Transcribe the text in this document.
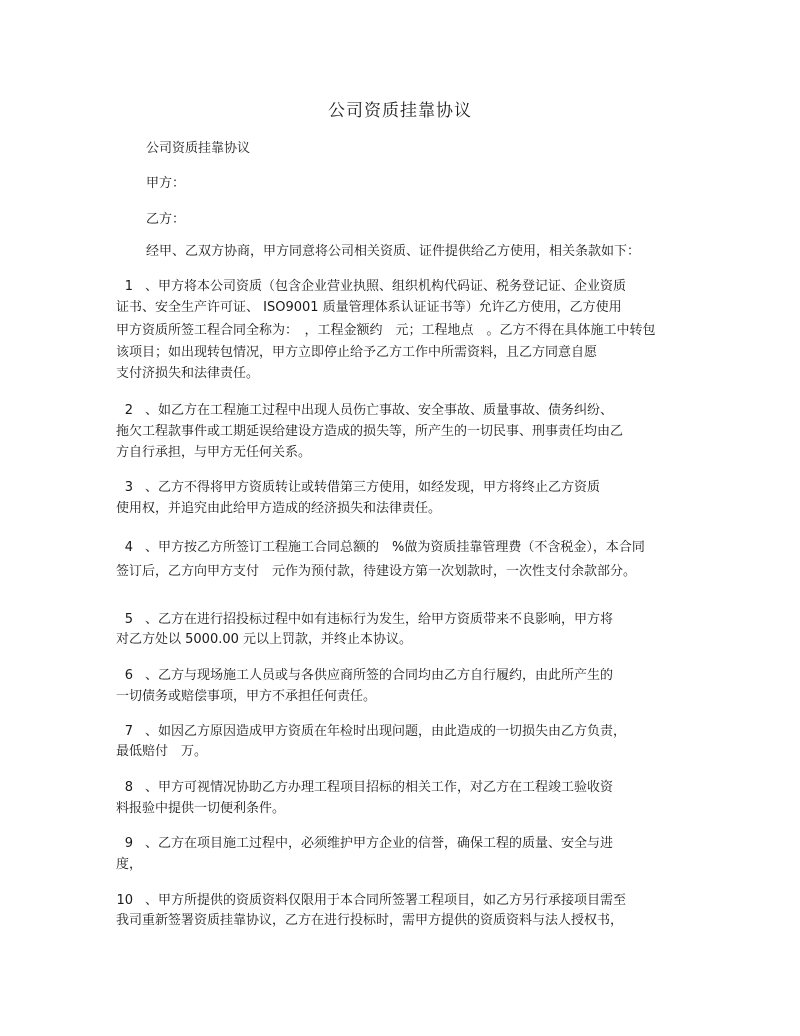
公司资质挂靠协议
公司资质挂靠协议
甲方：
乙方：
经甲、乙双方协商，甲方同意将公司相关资质、证件提供给乙方使用，相关条款如下：
1 、甲方将本公司资质（包含企业营业执照、组织机构代码证、税务登记证、企业资质
证书、安全生产许可证、 ISO9001 质量管理体系认证证书等）允许乙方使用，乙方使用
甲方资质所签工程合同全称为：　，工程金额约　元；工程地点　。乙方不得在具体施工中转包
该项目；如出现转包情况，甲方立即停止给予乙方工作中所需资料，且乙方同意自愿
支付济损失和法律责任。
2 、如乙方在工程施工过程中出现人员伤亡事故、安全事故、质量事故、债务纠纷、
拖欠工程款事件或工期延误给建设方造成的损失等，所产生的一切民事、刑事责任均由乙
方自行承担，与甲方无任何关系。
3 、乙方不得将甲方资质转让或转借第三方使用，如经发现，甲方将终止乙方资质
使用权，并追究由此给甲方造成的经济损失和法律责任。
4 、甲方按乙方所签订工程施工合同总额的　%做为资质挂靠管理费（不含税金），本合同
签订后，乙方向甲方支付　元作为预付款，待建设方第一次划款时，一次性支付余款部分。
5 、乙方在进行招投标过程中如有违标行为发生，给甲方资质带来不良影响，甲方将
对乙方处以 5000.00 元以上罚款，并终止本协议。
6 、乙方与现场施工人员或与各供应商所签的合同均由乙方自行履约，由此所产生的
一切债务或赔偿事项，甲方不承担任何责任。
7 、如因乙方原因造成甲方资质在年检时出现问题，由此造成的一切损失由乙方负责，
最低赔付　万。
8 、甲方可视情况协助乙方办理工程项目招标的相关工作，对乙方在工程竣工验收资
料报验中提供一切便利条件。
9 、乙方在项目施工过程中，必须维护甲方企业的信誉，确保工程的质量、安全与进
度，
10 、甲方所提供的资质资料仅限用于本合同所签署工程项目，如乙方另行承接项目需至
我司重新签署资质挂靠协议，乙方在进行投标时，需甲方提供的资质资料与法人授权书，
